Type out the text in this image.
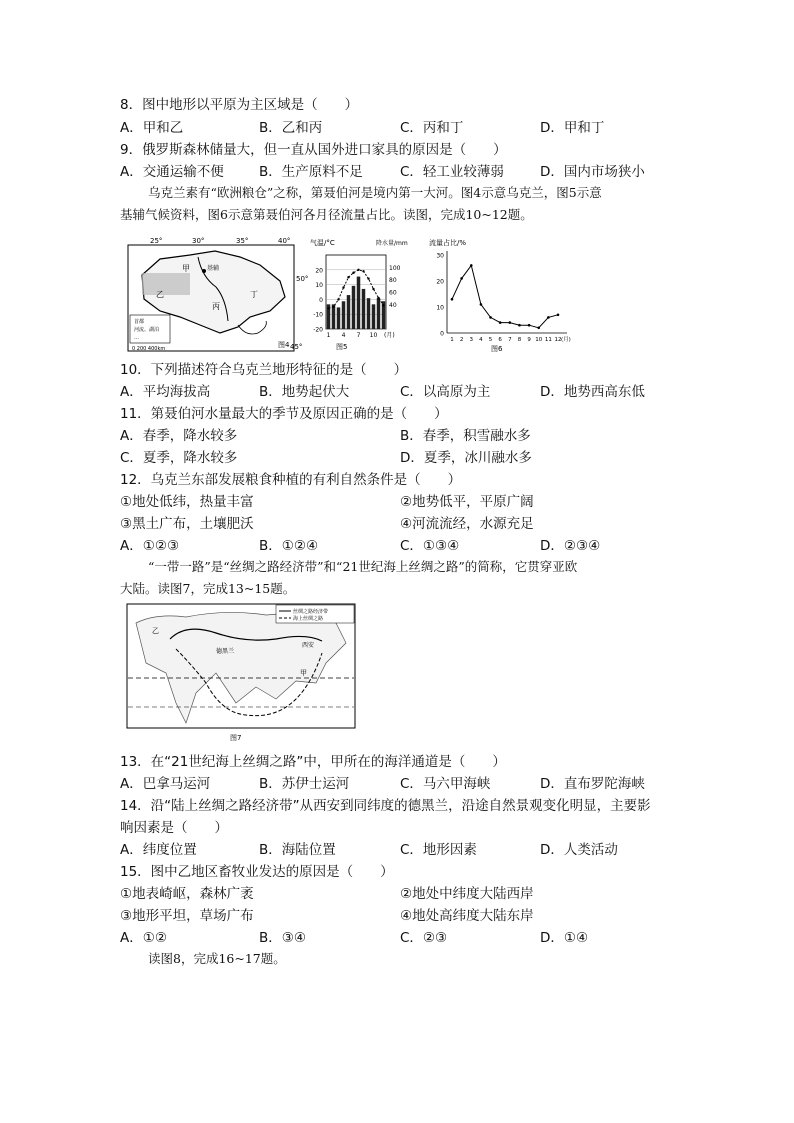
8．图中地形以平原为主区域是（　　）
A．甲和乙	B．乙和丙	C．丙和丁	D．甲和丁
9．俄罗斯森林储量大，但一直从国外进口家具的原因是（　　）
A．交通运输不便	B．生产原料不足	C．轻工业较薄弱	D．国内市场狭小
乌克兰素有“欧洲粮仓”之称，第聂伯河是境内第一大河。图4示意乌克兰，图5示意
基辅气候资料，图6示意第聂伯河各月径流量占比。读图，完成10~12题。
25°	30°	35°	40°
50°
45°
甲
乙
丙
丁
基辅
首都
河流、湖泊
…
0 200 400km	图4
气温/°C	降水量/mm
20
10
0
-10
-20
100
80
60
40
1 4 7 10 (月)
图5
流量占比/%
30
20
10
0
1 2 3 4 5 6 7 8 9 10 11 12 (月)
图6
10．下列描述符合乌克兰地形特征的是（　　）
A．平均海拔高	B．地势起伏大	C．以高原为主	D．地势西高东低
11．第聂伯河水量最大的季节及原因正确的是（　　）
A．春季，降水较多	B．春季，积雪融水多
C．夏季，降水较多	D．夏季，冰川融水多
12．乌克兰东部发展粮食种植的有利自然条件是（　　）
①地处低纬，热量丰富	②地势低平，平原广阔
③黑土广布，土壤肥沃	④河流流经，水源充足
A．①②③	B．①②④	C．①③④	D．②③④
“一带一路”是“丝绸之路经济带”和“21世纪海上丝绸之路”的简称，它贯穿亚欧
大陆。读图7，完成13~15题。
甲
乙
德黑兰
西安
丝绸之路经济带
海上丝绸之路
图7
13．在“21世纪海上丝绸之路”中，甲所在的海洋通道是（　　）
A．巴拿马运河	B．苏伊士运河	C．马六甲海峡	D．直布罗陀海峡
14．沿“陆上丝绸之路经济带”从西安到同纬度的德黑兰，沿途自然景观变化明显，主要影
响因素是（　　）
A．纬度位置	B．海陆位置	C．地形因素	D．人类活动
15．图中乙地区畜牧业发达的原因是（　　）
①地表崎岖，森林广袤	②地处中纬度大陆西岸
③地形平坦，草场广布	④地处高纬度大陆东岸
A．①②	B．③④	C．②③	D．①④
读图8，完成16~17题。
